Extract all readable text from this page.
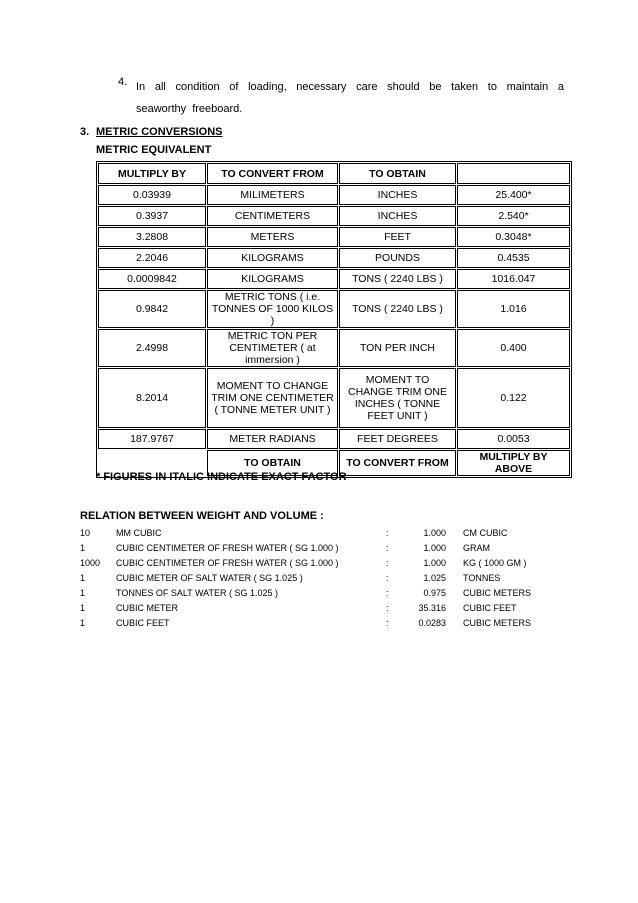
4. In all condition of loading, necessary care should be taken to maintain a seaworthy freeboard.
3. METRIC CONVERSIONS
METRIC EQUIVALENT
MULTIPLY BY	TO CONVERT FROM	TO OBTAIN	
0.03939	MILIMETERS	INCHES	25.400*
0.3937	CENTIMETERS	INCHES	2.540*
3.2808	METERS	FEET	0.3048*
2.2046	KILOGRAMS	POUNDS	0.4535
0.0009842	KILOGRAMS	TONS ( 2240 LBS )	1016.047
0.9842	METRIC TONS ( i.e. TONNES OF 1000 KILOS )	TONS ( 2240 LBS )	1.016
2.4998	METRIC TON PER CENTIMETER ( at immersion )	TON PER INCH	0.400
8.2014	MOMENT TO CHANGE TRIM ONE CENTIMETER ( TONNE METER UNIT )	MOMENT TO CHANGE TRIM ONE INCHES ( TONNE FEET UNIT )	0.122
187.9767	METER RADIANS	FEET DEGREES	0.0053
	TO OBTAIN	TO CONVERT FROM	MULTIPLY BY ABOVE
* FIGURES IN ITALIC INDICATE EXACT FACTOR
RELATION BETWEEN WEIGHT AND VOLUME :
10	MM CUBIC	:	1.000 CM CUBIC
1	CUBIC CENTIMETER OF FRESH WATER ( SG 1.000 )	:	1.000 GRAM
1000 CUBIC CENTIMETER OF FRESH WATER ( SG 1.000 )	:	1.000 KG ( 1000 GM )
1	CUBIC METER OF SALT WATER ( SG 1.025 )	:	1.025 TONNES
1	TONNES OF SALT WATER ( SG 1.025 )	:	0.975 CUBIC METERS
1	CUBIC METER	:	35.316 CUBIC FEET
1	CUBIC FEET	:	0.0283 CUBIC METERS
